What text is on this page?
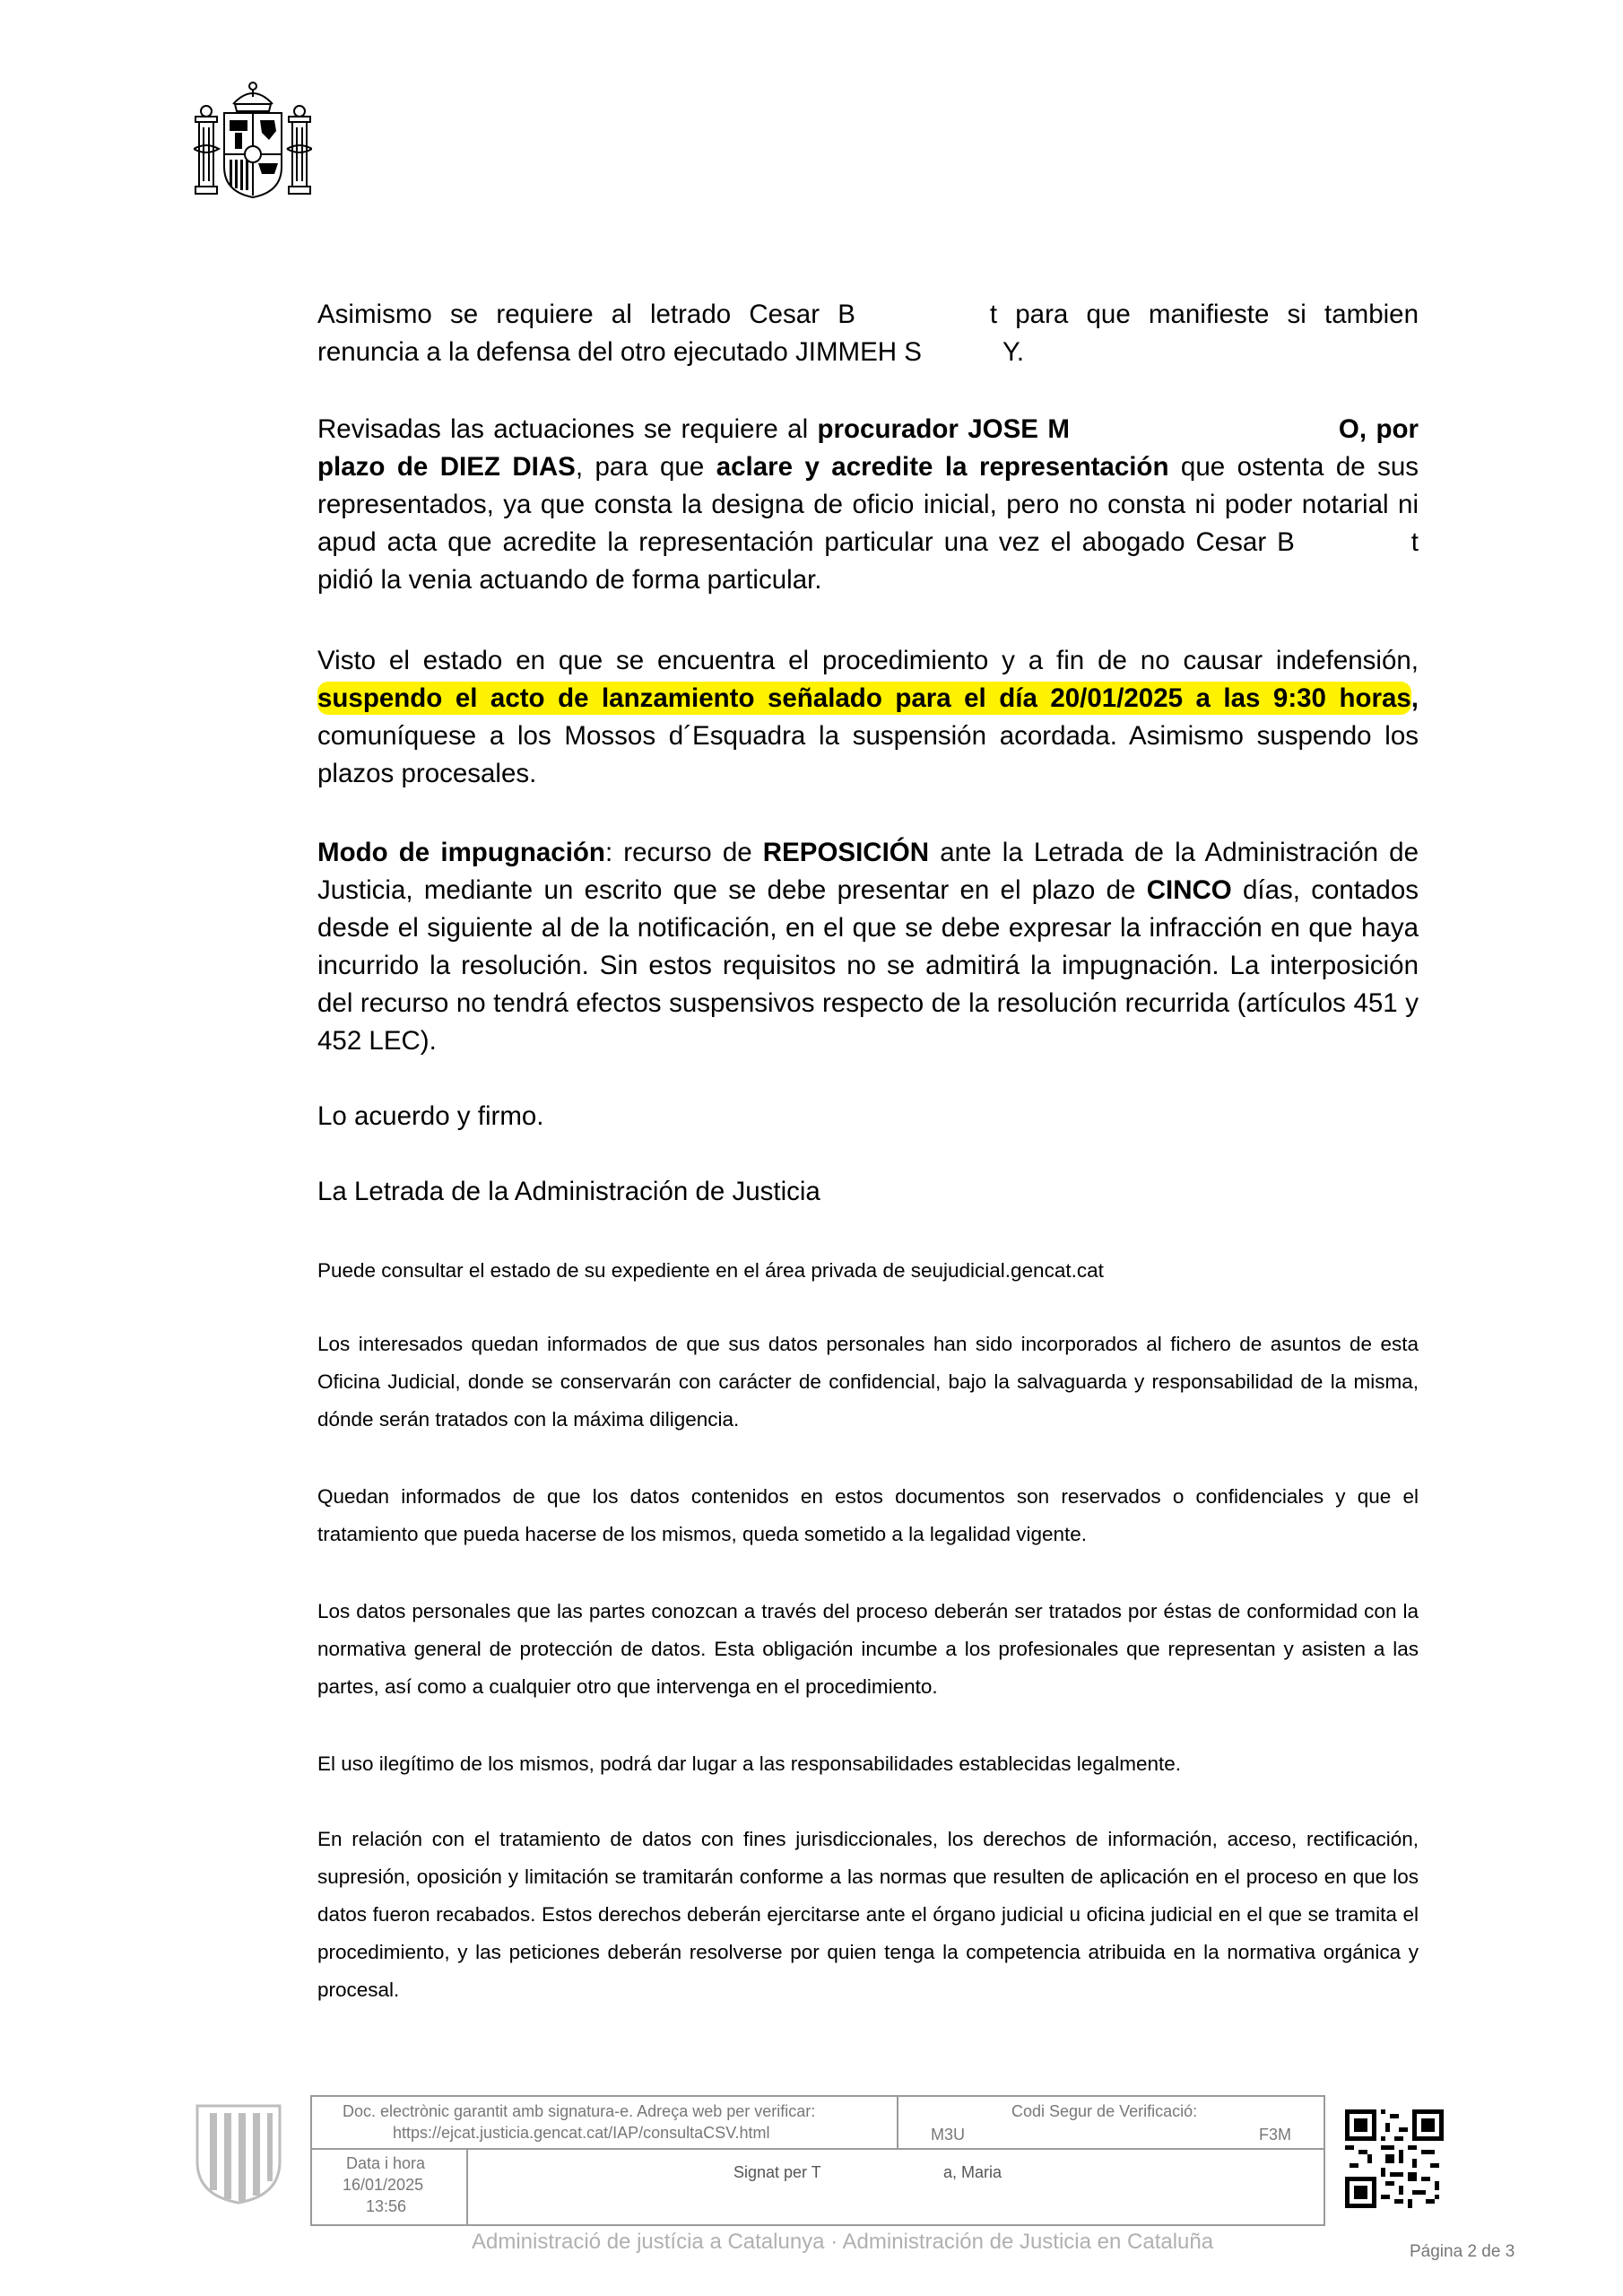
Asimismo se requiere al letrado Cesar B	t para que manifieste si tambien
renuncia a la defensa del otro ejecutado JIMMEH S	Y.
Revisadas las actuaciones se requiere al procurador JOSE M	O, por plazo de DIEZ DIAS, para que aclare y acredite la representación que ostenta de sus representados, ya que consta la designa de oficio inicial, pero no consta ni poder notarial ni apud acta que acredite la representación particular una vez el abogado Cesar B	t pidió la venia actuando de forma particular.
Visto el estado en que se encuentra el procedimiento y a fin de no causar indefensión, suspendo el acto de lanzamiento señalado para el día 20/01/2025 a las 9:30 horas, comuníquese a los Mossos d´Esquadra la suspensión acordada. Asimismo suspendo los plazos procesales.
Modo de impugnación: recurso de REPOSICIÓN ante la Letrada de la Administración de Justicia, mediante un escrito que se debe presentar en el plazo de CINCO días, contados desde el siguiente al de la notificación, en el que se debe expresar la infracción en que haya incurrido la resolución. Sin estos requisitos no se admitirá la impugnación. La interposición del recurso no tendrá efectos suspensivos respecto de la resolución recurrida (artículos 451 y 452 LEC).
Lo acuerdo y firmo.
La Letrada de la Administración de Justicia
Puede consultar el estado de su expediente en el área privada de seujudicial.gencat.cat
Los interesados quedan informados de que sus datos personales han sido incorporados al fichero de asuntos de esta Oficina Judicial, donde se conservarán con carácter de confidencial, bajo la salvaguarda y responsabilidad de la misma, dónde serán tratados con la máxima diligencia.
Quedan informados de que los datos contenidos en estos documentos son reservados o confidenciales y que el tratamiento que pueda hacerse de los mismos, queda sometido a la legalidad vigente.
Los datos personales que las partes conozcan a través del proceso deberán ser tratados por éstas de conformidad con la normativa general de protección de datos. Esta obligación incumbe a los profesionales que representan y asisten a las partes, así como a cualquier otro que intervenga en el procedimiento.
El uso ilegítimo de los mismos, podrá dar lugar a las responsabilidades establecidas legalmente.
En relación con el tratamiento de datos con fines jurisdiccionales, los derechos de información, acceso, rectificación, supresión, oposición y limitación se tramitarán conforme a las normas que resulten de aplicación en el proceso en que los datos fueron recabados. Estos derechos deberán ejercitarse ante el órgano judicial u oficina judicial en el que se tramita el procedimiento, y las peticiones deberán resolverse por quien tenga la competencia atribuida en la normativa orgánica y procesal.
Doc. electrònic garantit amb signatura-e. Adreça web per verificar:
https://ejcat.justicia.gencat.cat/IAP/consultaCSV.html
Codi Segur de Verificació:
M3U	F3M
Data i hora
16/01/2025
13:56
Signat per T	a, Maria
Administració de justícia a Catalunya · Administración de Justicia en Cataluña	Página 2 de 3
